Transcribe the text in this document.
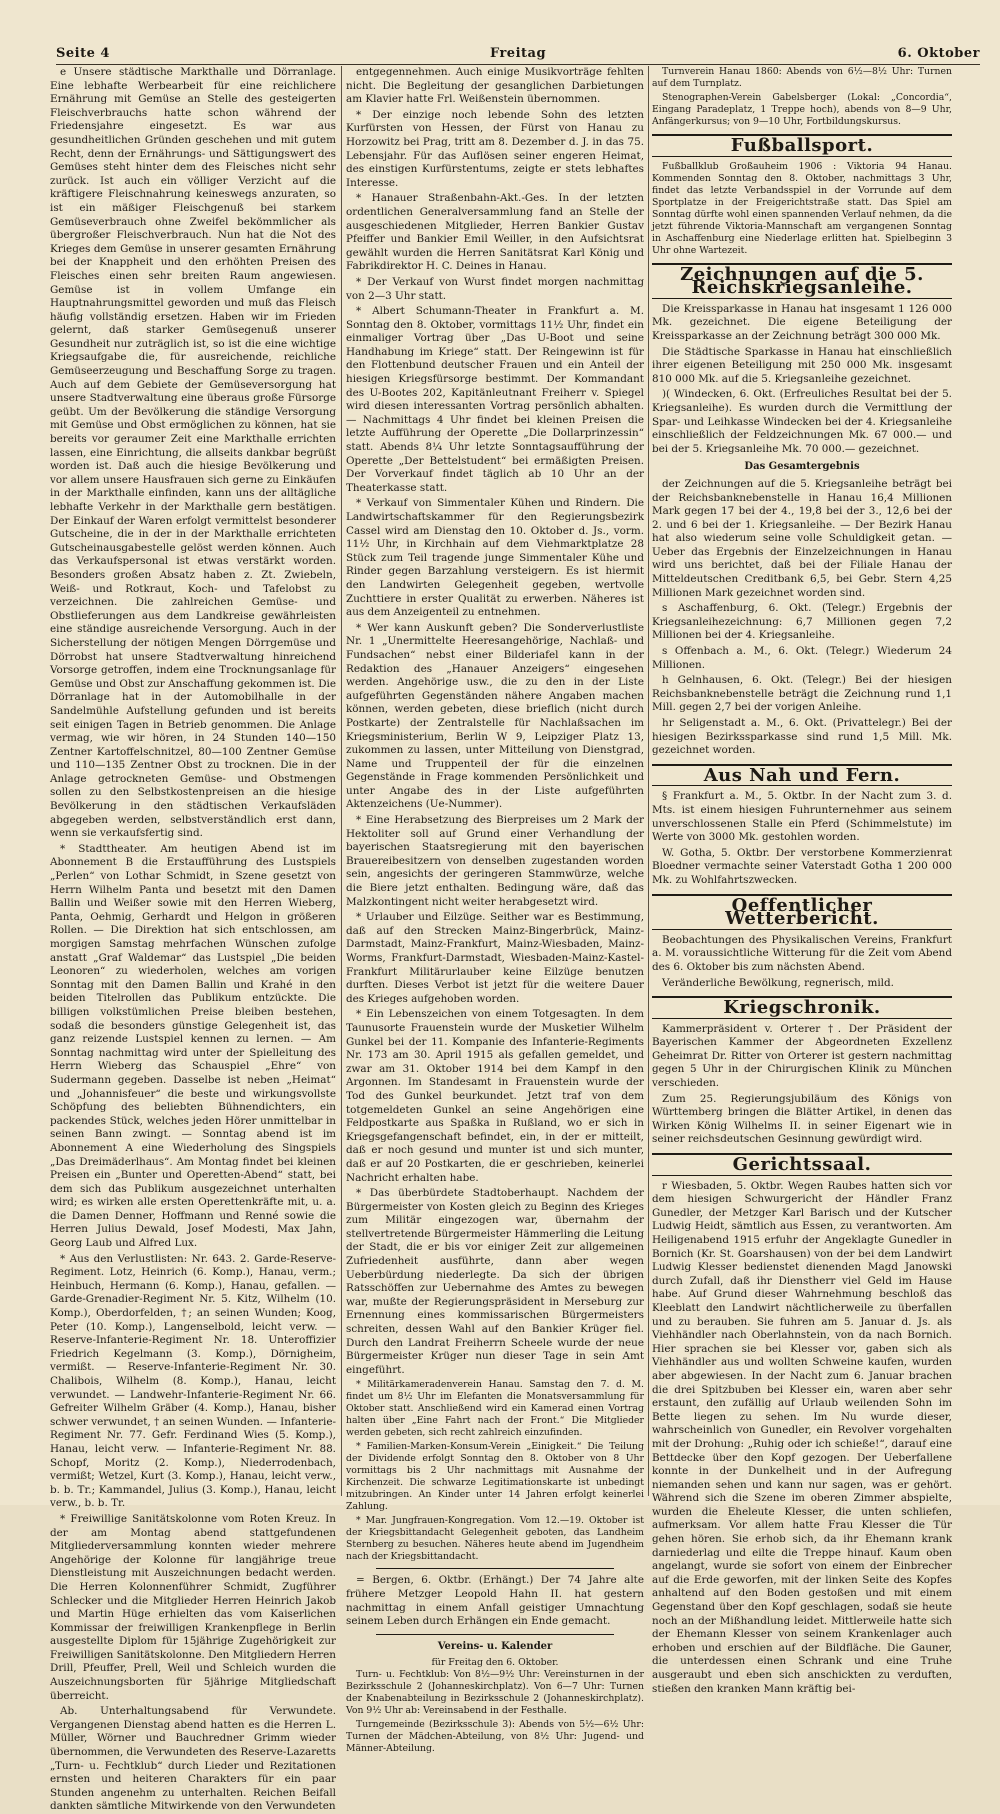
Seite 4	Freitag	6. Oktober

e Unsere städtische Markthalle und Dörranlage. Eine lebhafte Werbearbeit für eine reichlichere Ernährung mit Gemüse an Stelle des gesteigerten Fleischverbrauchs hatte schon während der Friedensjahre eingesetzt. Es war aus gesundheitlichen Gründen geschehen und mit gutem Recht, denn der Ernährungs- und Sättigungswert des Gemüses steht hinter dem des Fleisches nicht sehr zurück. Ist auch ein völliger Verzicht auf die kräftigere Fleischnahrung keineswegs anzuraten, so ist ein mäßiger Fleischgenuß bei starkem Gemüseverbrauch ohne Zweifel bekömmlicher als übergroßer Fleischverbrauch. Nun hat die Not des Krieges dem Gemüse in unserer gesamten Ernährung bei der Knappheit und den erhöhten Preisen des Fleisches einen sehr breiten Raum angewiesen. Gemüse ist in vollem Umfange ein Hauptnahrungsmittel geworden und muß das Fleisch häufig vollständig ersetzen. Haben wir im Frieden gelernt, daß starker Gemüsegenuß unserer Gesundheit nur zuträglich ist, so ist die eine wichtige Kriegsaufgabe die, für ausreichende, reichliche Gemüseerzeugung und Beschaffung Sorge zu tragen. Auch auf dem Gebiete der Gemüseversorgung hat unsere Stadtverwaltung eine überaus große Fürsorge geübt. Um der Bevölkerung die ständige Versorgung mit Gemüse und Obst ermöglichen zu können, hat sie bereits vor geraumer Zeit eine Markthalle errichten lassen, eine Einrichtung, die allseits dankbar begrüßt worden ist. Daß auch die hiesige Bevölkerung und vor allem unsere Hausfrauen sich gerne zu Einkäufen in der Markthalle einfinden, kann uns der alltägliche lebhafte Verkehr in der Markthalle gern bestätigen. Der Einkauf der Waren erfolgt vermittelst besonderer Gutscheine, die in der in der Markthalle errichteten Gutscheinausgabestelle gelöst werden können. Auch das Verkaufspersonal ist etwas verstärkt worden. Besonders großen Absatz haben z. Zt. Zwiebeln, Weiß- und Rotkraut, Koch- und Tafelobst zu verzeichnen. Die zahlreichen Gemüse- und Obstlieferungen aus dem Landkreise gewährleisten eine ständige ausreichende Versorgung. Auch in der Sicherstellung der nötigen Mengen Dörrgemüse und Dörrobst hat unsere Stadtverwaltung hinreichend Vorsorge getroffen, indem eine Trocknungsanlage für Gemüse und Obst zur Anschaffung gekommen ist. Die Dörranlage hat in der Automobilhalle in der Sandelmühle Aufstellung gefunden und ist bereits seit einigen Tagen in Betrieb genommen. Die Anlage vermag, wie wir hören, in 24 Stunden 140—150 Zentner Kartoffelschnitzel, 80—100 Zentner Gemüse und 110—135 Zentner Obst zu trocknen. Die in der Anlage getrockneten Gemüse- und Obstmengen sollen zu den Selbstkostenpreisen an die hiesige Bevölkerung in den städtischen Verkaufsläden abgegeben werden, selbstverständlich erst dann, wenn sie verkaufsfertig sind.

* Stadttheater. Am heutigen Abend ist im Abonnement B die Erstaufführung des Lustspiels „Perlen“ von Lothar Schmidt, in Szene gesetzt von Herrn Wilhelm Panta und besetzt mit den Damen Ballin und Weißer sowie mit den Herren Wieberg, Panta, Oehmig, Gerhardt und Helgon in größeren Rollen. — Die Direktion hat sich entschlossen, am morgigen Samstag mehrfachen Wünschen zufolge anstatt „Graf Waldemar“ das Lustspiel „Die beiden Leonoren“ zu wiederholen, welches am vorigen Sonntag mit den Damen Ballin und Krahé in den beiden Titelrollen das Publikum entzückte. Die billigen volkstümlichen Preise bleiben bestehen, sodaß die besonders günstige Gelegenheit ist, das ganz reizende Lustspiel kennen zu lernen. — Am Sonntag nachmittag wird unter der Spielleitung des Herrn Wieberg das Schauspiel „Ehre“ von Sudermann gegeben. Dasselbe ist neben „Heimat“ und „Johannisfeuer“ die beste und wirkungsvollste Schöpfung des beliebten Bühnendichters, ein packendes Stück, welches jeden Hörer unmittelbar in seinen Bann zwingt. — Sonntag abend ist im Abonnement A eine Wiederholung des Singspiels „Das Dreimäderlhaus“. Am Montag findet bei kleinen Preisen ein „Bunter und Operetten-Abend“ statt, bei dem sich das Publikum ausgezeichnet unterhalten wird; es wirken alle ersten Operettenkräfte mit, u. a. die Damen Denner, Hoffmann und Renné sowie die Herren Julius Dewald, Josef Modesti, Max Jahn, Georg Laub und Alfred Lux.

* Aus den Verlustlisten: Nr. 643. 2. Garde-Reserve-Regiment. Lotz, Heinrich (6. Komp.), Hanau, verm.; Heinbuch, Hermann (6. Komp.), Hanau, gefallen. — Garde-Grenadier-Regiment Nr. 5. Kitz, Wilhelm (10. Komp.), Oberdorfelden, †; an seinen Wunden; Koog, Peter (10. Komp.), Langenselbold, leicht verw. — Reserve-Infanterie-Regiment Nr. 18. Unteroffizier Friedrich Kegelmann (3. Komp.), Dörnigheim, vermißt. — Reserve-Infanterie-Regiment Nr. 30. Chalibois, Wilhelm (8. Komp.), Hanau, leicht verwundet. — Landwehr-Infanterie-Regiment Nr. 66. Gefreiter Wilhelm Gräber (4. Komp.), Hanau, bisher schwer verwundet, † an seinen Wunden. — Infanterie-Regiment Nr. 77. Gefr. Ferdinand Wies (5. Komp.), Hanau, leicht verw. — Infanterie-Regiment Nr. 88. Schopf, Moritz (2. Komp.), Niederrodenbach, vermißt; Wetzel, Kurt (3. Komp.), Hanau, leicht verw., b. b. Tr.; Kammandel, Julius (3. Komp.), Hanau, leicht verw., b. b. Tr.

* Freiwillige Sanitätskolonne vom Roten Kreuz. In der am Montag abend stattgefundenen Mitgliederversammlung konnten wieder mehrere Angehörige der Kolonne für langjährige treue Dienstleistung mit Auszeichnungen bedacht werden. Die Herren Kolonnenführer Schmidt, Zugführer Schlecker und die Mitglieder Herren Heinrich Jakob und Martin Hüge erhielten das vom Kaiserlichen Kommissar der freiwilligen Krankenpflege in Berlin ausgestellte Diplom für 15jährige Zugehörigkeit zur Freiwilligen Sanitätskolonne. Den Mitgliedern Herren Drill, Pfeuffer, Prell, Weil und Schleich wurden die Auszeichnungsborten für 5jährige Mitgliedschaft überreicht.

Ab. Unterhaltungsabend für Verwundete. Vergangenen Dienstag abend hatten es die Herren L. Müller, Wörner und Bauchredner Grimm wieder übernommen, die Verwundeten des Reserve-Lazaretts „Turn- u. Fechtklub“ durch Lieder und Rezitationen ernsten und heiteren Charakters für ein paar Stunden angenehm zu unterhalten. Reichen Beifall dankten sämtliche Mitwirkende von den Verwundeten

entgegennehmen. Auch einige Musikvorträge fehlten nicht. Die Begleitung der gesanglichen Darbietungen am Klavier hatte Frl. Weißenstein übernommen.

* Der einzige noch lebende Sohn des letzten Kurfürsten von Hessen, der Fürst von Hanau zu Horzowitz bei Prag, tritt am 8. Dezember d. J. in das 75. Lebensjahr. Für das Auflösen seiner engeren Heimat, des einstigen Kurfürstentums, zeigte er stets lebhaftes Interesse.

* Hanauer Straßenbahn-Akt.-Ges. In der letzten ordentlichen Generalversammlung fand an Stelle der ausgeschiedenen Mitglieder, Herren Bankier Gustav Pfeiffer und Bankier Emil Weiller, in den Aufsichtsrat gewählt wurden die Herren Sanitätsrat Karl König und Fabrikdirektor H. C. Deines in Hanau.

* Der Verkauf von Wurst findet morgen nachmittag von 2—3 Uhr statt.

* Albert Schumann-Theater in Frankfurt a. M. Sonntag den 8. Oktober, vormittags 11½ Uhr, findet ein einmaliger Vortrag über „Das U-Boot und seine Handhabung im Kriege“ statt. Der Reingewinn ist für den Flottenbund deutscher Frauen und ein Anteil der hiesigen Kriegsfürsorge bestimmt. Der Kommandant des U-Bootes 202, Kapitänleutnant Freiherr v. Spiegel wird diesen interessanten Vortrag persönlich abhalten. — Nachmittags 4 Uhr findet bei kleinen Preisen die letzte Aufführung der Operette „Die Dollarprinzessin“ statt. Abends 8¼ Uhr letzte Sonntagsaufführung der Operette „Der Bettelstudent“ bei ermäßigten Preisen. Der Vorverkauf findet täglich ab 10 Uhr an der Theaterkasse statt.

* Verkauf von Simmentaler Kühen und Rindern. Die Landwirtschaftskammer für den Regierungsbezirk Cassel wird am Dienstag den 10. Oktober d. Js., vorm. 11½ Uhr, in Kirchhain auf dem Viehmarktplatze 28 Stück zum Teil tragende junge Simmentaler Kühe und Rinder gegen Barzahlung versteigern. Es ist hiermit den Landwirten Gelegenheit gegeben, wertvolle Zuchttiere in erster Qualität zu erwerben. Näheres ist aus dem Anzeigenteil zu entnehmen.

* Wer kann Auskunft geben? Die Sonderverlustliste Nr. 1 „Unermittelte Heeresangehörige, Nachlaß- und Fundsachen“ nebst einer Bilderiafel kann in der Redaktion des „Hanauer Anzeigers“ eingesehen werden. Angehörige usw., die zu den in der Liste aufgeführten Gegenständen nähere Angaben machen können, werden gebeten, diese brieflich (nicht durch Postkarte) der Zentralstelle für Nachlaßsachen im Kriegsministerium, Berlin W 9, Leipziger Platz 13, zukommen zu lassen, unter Mitteilung von Dienstgrad, Name und Truppenteil der für die einzelnen Gegenstände in Frage kommenden Persönlichkeit und unter Angabe des in der Liste aufgeführten Aktenzeichens (Ue-Nummer).

* Eine Herabsetzung des Bierpreises um 2 Mark der Hektoliter soll auf Grund einer Verhandlung der bayerischen Staatsregierung mit den bayerischen Brauereibesitzern von denselben zugestanden worden sein, angesichts der geringeren Stammwürze, welche die Biere jetzt enthalten. Bedingung wäre, daß das Malzkontingent nicht weiter herabgesetzt wird.

* Urlauber und Eilzüge. Seither war es Bestimmung, daß auf den Strecken Mainz-Bingerbrück, Mainz-Darmstadt, Mainz-Frankfurt, Mainz-Wiesbaden, Mainz-Worms, Frankfurt-Darmstadt, Wiesbaden-Mainz-Kastel-Frankfurt Militärurlauber keine Eilzüge benutzen durften. Dieses Verbot ist jetzt für die weitere Dauer des Krieges aufgehoben worden.

* Ein Lebenszeichen von einem Totgesagten. In dem Taunusorte Frauenstein wurde der Musketier Wilhelm Gunkel bei der 11. Kompanie des Infanterie-Regiments Nr. 173 am 30. April 1915 als gefallen gemeldet, und zwar am 31. Oktober 1914 bei dem Kampf in den Argonnen. Im Standesamt in Frauenstein wurde der Tod des Gunkel beurkundet. Jetzt traf von dem totgemeldeten Gunkel an seine Angehörigen eine Feldpostkarte aus Spaßka in Rußland, wo er sich in Kriegsgefangenschaft befindet, ein, in der er mitteilt, daß er noch gesund und munter ist und sich munter, daß er auf 20 Postkarten, die er geschrieben, keinerlei Nachricht erhalten habe.

* Das überbürdete Stadtoberhaupt. Nachdem der Bürgermeister von Kosten gleich zu Beginn des Krieges zum Militär eingezogen war, übernahm der stellvertretende Bürgermeister Hämmerling die Leitung der Stadt, die er bis vor einiger Zeit zur allgemeinen Zufriedenheit ausführte, dann aber wegen Ueberbürdung niederlegte. Da sich der übrigen Ratsschöffen zur Uebernahme des Amtes zu bewegen war, mußte der Regierungspräsident in Merseburg zur Ernennung eines kommissarischen Bürgermeisters schreiten, dessen Wahl auf den Bankier Krüger fiel. Durch den Landrat Freiherrn Scheele wurde der neue Bürgermeister Krüger nun dieser Tage in sein Amt eingeführt.

* Militärkameradenverein Hanau. Samstag den 7. d. M. findet um 8½ Uhr im Elefanten die Monatsversammlung für Oktober statt. Anschließend wird ein Kamerad einen Vortrag halten über „Eine Fahrt nach der Front.“ Die Mitglieder werden gebeten, sich recht zahlreich einzufinden.

* Familien-Marken-Konsum-Verein „Einigkeit.“ Die Teilung der Dividende erfolgt Sonntag den 8. Oktober von 8 Uhr vormittags bis 2 Uhr nachmittags mit Ausnahme der Kirchenzeit. Die schwarze Legitimationskarte ist unbedingt mitzubringen. An Kinder unter 14 Jahren erfolgt keinerlei Zahlung.

* Mar. Jungfrauen-Kongregation. Vom 12.—19. Oktober ist der Kriegsbittandacht Gelegenheit geboten, das Landheim Sternberg zu besuchen. Näheres heute abend im Jugendheim nach der Kriegsbittandacht.

= Bergen, 6. Oktbr. (Erhängt.) Der 74 Jahre alte frühere Metzger Leopold Hahn II. hat gestern nachmittag in einem Anfall geistiger Umnachtung seinem Leben durch Erhängen ein Ende gemacht.

Vereins- u. Kalender
für Freitag den 6. Oktober.

Turn- u. Fechtklub: Von 8½—9½ Uhr: Vereinsturnen in der Bezirksschule 2 (Johanneskirchplatz). Von 6—7 Uhr: Turnen der Knabenabteilung in Bezirksschule 2 (Johanneskirchplatz). Von 9½ Uhr ab: Vereinsabend in der Festhalle.

Turngemeinde (Bezirksschule 3): Abends von 5½—6½ Uhr: Turnen der Mädchen-Abteilung, von 8½ Uhr: Jugend- und Männer-Abteilung.

Turnverein Hanau 1860: Abends von 6½—8½ Uhr: Turnen auf dem Turnplatz.

Stenographen-Verein Gabelsberger (Lokal: „Concordia“, Eingang Paradeplatz, 1 Treppe hoch), abends von 8—9 Uhr, Anfängerkursus; von 9—10 Uhr, Fortbildungskursus.

Fußballsport.

Fußballklub Großauheim 1906 : Viktoria 94 Hanau. Kommenden Sonntag den 8. Oktober, nachmittags 3 Uhr, findet das letzte Verbandsspiel in der Vorrunde auf dem Sportplatze in der Freigerichtstraße statt. Das Spiel am Sonntag dürfte wohl einen spannenden Verlauf nehmen, da die jetzt führende Viktoria-Mannschaft am vergangenen Sonntag in Aschaffenburg eine Niederlage erlitten hat. Spielbeginn 3 Uhr ohne Wartezeit.

Zeichnungen auf die 5. Reichskriegsanleihe.

Die Kreissparkasse in Hanau hat insgesamt 1 126 000 Mk. gezeichnet. Die eigene Beteiligung der Kreissparkasse an der Zeichnung beträgt 300 000 Mk.

Die Städtische Sparkasse in Hanau hat einschließlich ihrer eigenen Beteiligung mit 250 000 Mk. insgesamt 810 000 Mk. auf die 5. Kriegsanleihe gezeichnet.

)( Windecken, 6. Okt. (Erfreuliches Resultat bei der 5. Kriegsanleihe). Es wurden durch die Vermittlung der Spar- und Leihkasse Windecken bei der 4. Kriegsanleihe einschließlich der Feldzeichnungen Mk. 67 000.— und bei der 5. Kriegsanleihe Mk. 70 000.— gezeichnet.

Das Gesamtergebnis

der Zeichnungen auf die 5. Kriegsanleihe beträgt bei der Reichsbanknebenstelle in Hanau 16,4 Millionen Mark gegen 17 bei der 4., 19,8 bei der 3., 12,6 bei der 2. und 6 bei der 1. Kriegsanleihe. — Der Bezirk Hanau hat also wiederum seine volle Schuldigkeit getan. — Ueber das Ergebnis der Einzelzeichnungen in Hanau wird uns berichtet, daß bei der Filiale Hanau der Mitteldeutschen Creditbank 6,5, bei Gebr. Stern 4,25 Millionen Mark gezeichnet worden sind.

s Aschaffenburg, 6. Okt. (Telegr.) Ergebnis der Kriegsanleihezeichnung: 6,7 Millionen gegen 7,2 Millionen bei der 4. Kriegsanleihe.

s Offenbach a. M., 6. Okt. (Telegr.) Wiederum 24 Millionen.

h Gelnhausen, 6. Okt. (Telegr.) Bei der hiesigen Reichsbanknebenstelle beträgt die Zeichnung rund 1,1 Mill. gegen 2,7 bei der vorigen Anleihe.

hr Seligenstadt a. M., 6. Okt. (Privattelegr.) Bei der hiesigen Bezirkssparkasse sind rund 1,5 Mill. Mk. gezeichnet worden.

Aus Nah und Fern.

§ Frankfurt a. M., 5. Oktbr. In der Nacht zum 3. d. Mts. ist einem hiesigen Fuhrunternehmer aus seinem unverschlossenen Stalle ein Pferd (Schimmelstute) im Werte von 3000 Mk. gestohlen worden.

W. Gotha, 5. Oktbr. Der verstorbene Kommerzienrat Bloedner vermachte seiner Vaterstadt Gotha 1 200 000 Mk. zu Wohlfahrtszwecken.

Oeffentlicher Wetterbericht.

Beobachtungen des Physikalischen Vereins, Frankfurt a. M. voraussichtliche Witterung für die Zeit vom Abend des 6. Oktober bis zum nächsten Abend.

Veränderliche Bewölkung, regnerisch, mild.

Kriegschronik.

Kammerpräsident v. Orterer †. Der Präsident der Bayerischen Kammer der Abgeordneten Exzellenz Geheimrat Dr. Ritter von Orterer ist gestern nachmittag gegen 5 Uhr in der Chirurgischen Klinik zu München verschieden.

Zum 25. Regierungsjubiläum des Königs von Württemberg bringen die Blätter Artikel, in denen das Wirken König Wilhelms II. in seiner Eigenart wie in seiner reichsdeutschen Gesinnung gewürdigt wird.

Gerichtssaal.

r Wiesbaden, 5. Oktbr. Wegen Raubes hatten sich vor dem hiesigen Schwurgericht der Händler Franz Gunedler, der Metzger Karl Barisch und der Kutscher Ludwig Heidt, sämtlich aus Essen, zu verantworten. Am Heiligenabend 1915 erfuhr der Angeklagte Gunedler in Bornich (Kr. St. Goarshausen) von der bei dem Landwirt Ludwig Klesser bedienstet dienenden Magd Janowski durch Zufall, daß ihr Dienstherr viel Geld im Hause habe. Auf Grund dieser Wahrnehmung beschloß das Kleeblatt den Landwirt nächtlicherweile zu überfallen und zu berauben. Sie fuhren am 5. Januar d. Js. als Viehhändler nach Oberlahnstein, von da nach Bornich. Hier sprachen sie bei Klesser vor, gaben sich als Viehhändler aus und wollten Schweine kaufen, wurden aber abgewiesen. In der Nacht zum 6. Januar brachen die drei Spitzbuben bei Klesser ein, waren aber sehr erstaunt, den zufällig auf Urlaub weilenden Sohn im Bette liegen zu sehen. Im Nu wurde dieser, wahrscheinlich von Gunedler, ein Revolver vorgehalten mit der Drohung: „Ruhig oder ich schieße!“, darauf eine Bettdecke über den Kopf gezogen. Der Ueberfallene konnte in der Dunkelheit und in der Aufregung niemanden sehen und kann nur sagen, was er gehört. Während sich die Szene im oberen Zimmer abspielte, wurden die Eheleute Klesser, die unten schliefen, aufmerksam. Vor allem hatte Frau Klesser die Tür gehen hören. Sie erhob sich, da ihr Ehemann krank darniederlag und eilte die Treppe hinauf. Kaum oben angelangt, wurde sie sofort von einem der Einbrecher auf die Erde geworfen, mit der linken Seite des Kopfes anhaltend auf den Boden gestoßen und mit einem Gegenstand über den Kopf geschlagen, sodaß sie heute noch an der Mißhandlung leidet. Mittlerweile hatte sich der Ehemann Klesser von seinem Krankenlager auch erhoben und erschien auf der Bildfläche. Die Gauner, die unterdessen einen Schrank und eine Truhe ausgeraubt und eben sich anschickten zu verduften, stießen den kranken Mann kräftig bei-
